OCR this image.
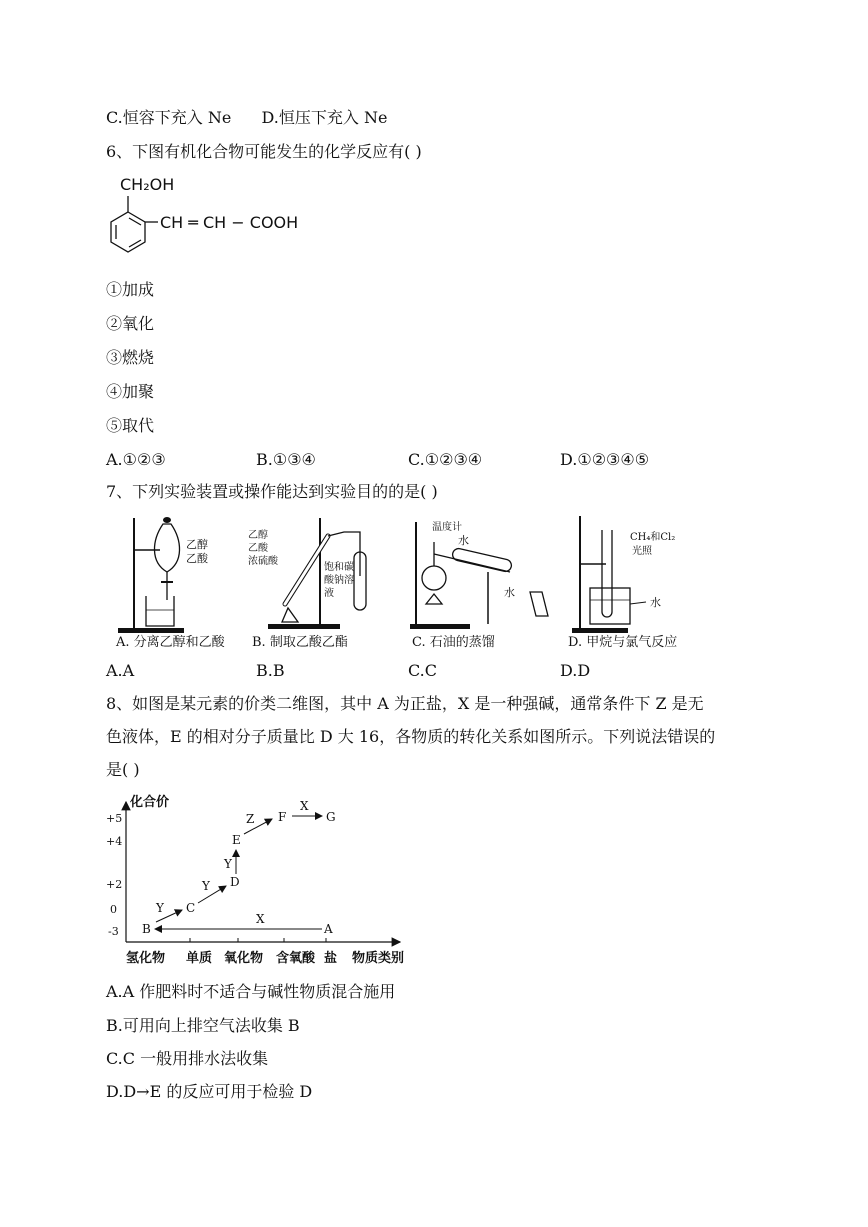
C.恒容下充入 Ne D.恒压下充入 Ne
6、下图有机化合物可能发生的化学反应有( )
CH₂OH
CH ═ CH − COOH
①加成
②氧化
③燃烧
④加聚
⑤取代
A.①②③	B.①③④	C.①②③④	D.①②③④⑤
7、下列实验装置或操作能达到实验目的的是( )
乙醇
乙酸
A. 分离乙醇和乙酸
乙醇
乙酸
浓硫酸
饱和碳
酸钠溶
液
B. 制取乙酸乙酯
温度计
水
水
C. 石油的蒸馏
CH₄和Cl₂
光照
水
D. 甲烷与氯气反应
A.A	B.B	C.C	D.D
8、如图是某元素的价类二维图，其中 A 为正盐，X 是一种强碱，通常条件下 Z 是无
色液体，E 的相对分子质量比 D 大 16，各物质的转化关系如图所示。下列说法错误的
是( )
化合价
+5
+4
+2
0
-3
氢化物 单质 氧化物 含氧酸 盐 物质类别
A
B
C
D
E
F	G
X
Y
Y
Y
Z
X
A.A 作肥料时不适合与碱性物质混合施用
B.可用向上排空气法收集 B
C.C 一般用排水法收集
D.D→E 的反应可用于检验 D
